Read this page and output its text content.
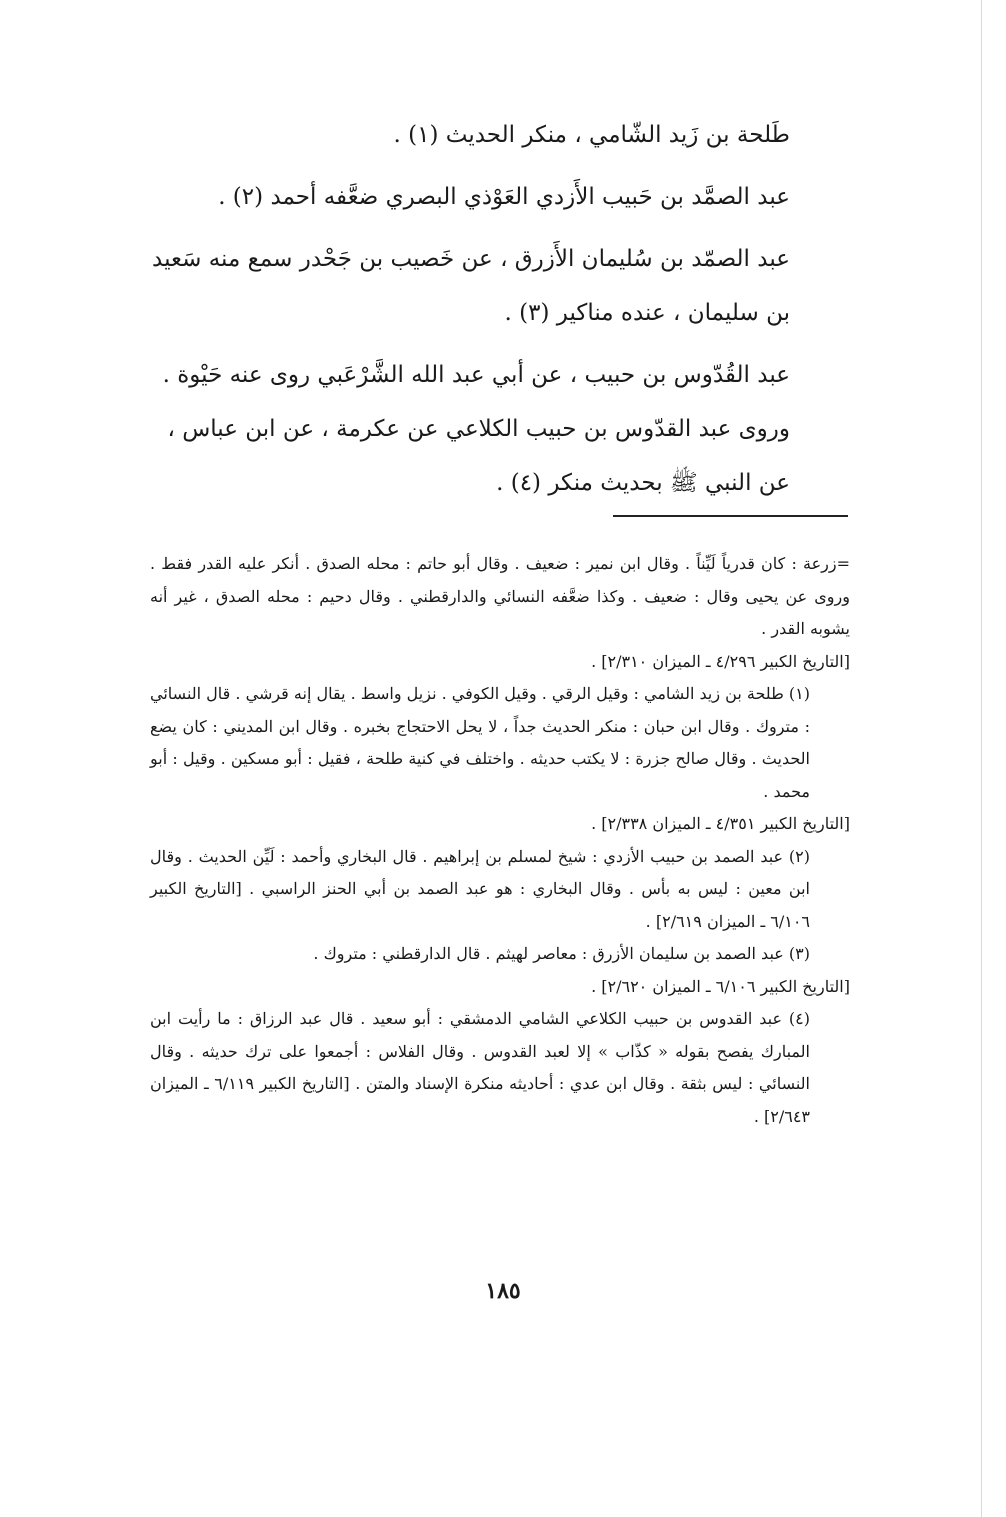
طَلحة بن زَيد الشّامي ، منكر الحديث (١) .

عبد الصمَّد بن حَبيب الأَزدي العَوْذي البصري ضعَّفه أحمد (٢) .

عبد الصمّد بن سُليمان الأَزرق ، عن خَصيب بن جَحْدر سمع منه سَعيد بن سليمان ، عنده مناكير (٣) .

عبد القُدّوس بن حبيب ، عن أبي عبد الله الشَّرْعَبي روى عنه حَيْوة . وروى عبد القدّوس بن حبيب الكلاعي عن عكرمة ، عن ابن عباس ، عن النبي ﷺ بحديث منكر (٤) .

=زرعة : كان قدرياً لَيِّناً . وقال ابن نمير : ضعيف . وقال أبو حاتم : محله الصدق . أنكر عليه القدر فقط . وروى عن يحيى وقال : ضعيف . وكذا ضعَّفه النسائي والدارقطني . وقال دحيم : محله الصدق ، غير أنه يشوبه القدر .

[التاريخ الكبير ٤/٢٩٦ ـ الميزان ٢/٣١٠] .

(١) طلحة بن زيد الشامي : وقيل الرقي . وقيل الكوفي . نزيل واسط . يقال إنه قرشي . قال النسائي : متروك . وقال ابن حبان : منكر الحديث جداً ، لا يحل الاحتجاج بخبره . وقال ابن المديني : كان يضع الحديث . وقال صالح جزرة : لا يكتب حديثه . واختلف في كنية طلحة ، فقيل : أبو مسكين . وقيل : أبو محمد .

[التاريخ الكبير ٤/٣٥١ ـ الميزان ٢/٣٣٨] .

(٢) عبد الصمد بن حبيب الأزدي : شيخ لمسلم بن إبراهيم . قال البخاري وأحمد : لَيِّن الحديث . وقال ابن معين : ليس به بأس . وقال البخاري : هو عبد الصمد بن أبي الحنز الراسبي . [التاريخ الكبير ٦/١٠٦ ـ الميزان ٢/٦١٩] .

(٣) عبد الصمد بن سليمان الأزرق : معاصر لهيثم . قال الدارقطني : متروك .

[التاريخ الكبير ٦/١٠٦ ـ الميزان ٢/٦٢٠] .

(٤) عبد القدوس بن حبيب الكلاعي الشامي الدمشقي : أبو سعيد . قال عبد الرزاق : ما رأيت ابن المبارك يفصح بقوله « كذّاب » إلا لعبد القدوس . وقال الفلاس : أجمعوا على ترك حديثه . وقال النسائي : ليس بثقة . وقال ابن عدي : أحاديثه منكرة الإسناد والمتن . [التاريخ الكبير ٦/١١٩ ـ الميزان ٢/٦٤٣] .

١٨٥
